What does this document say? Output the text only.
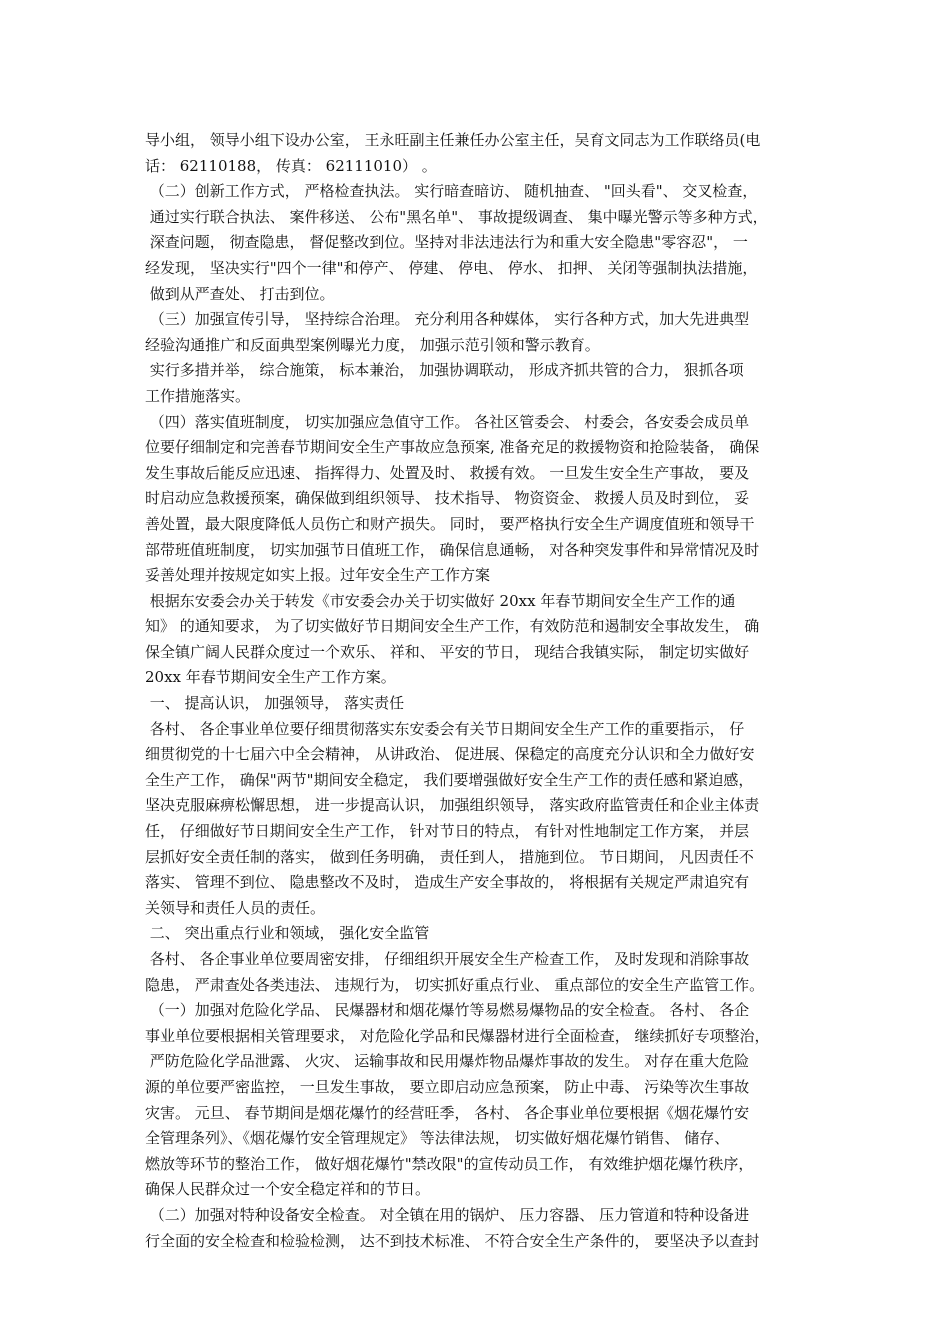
导小组， 领导小组下设办公室， 王永旺副主任兼任办公室主任，吴育文同志为工作联络员(电
话： 62110188， 传真： 62111010） 。
（二）创新工作方式， 严格检查执法。 实行暗查暗访、 随机抽查、 "回头看"、 交叉检查，
通过实行联合执法、 案件移送、 公布"黑名单"、 事故提级调查、 集中曝光警示等多种方式，
深查问题， 彻查隐患， 督促整改到位。坚持对非法违法行为和重大安全隐患"零容忍"， 一
经发现， 坚决实行"四个一律"和停产、 停建、 停电、 停水、 扣押、 关闭等强制执法措施，
做到从严查处、 打击到位。
（三）加强宣传引导， 坚持综合治理。 充分利用各种媒体， 实行各种方式，加大先进典型
经验沟通推广和反面典型案例曝光力度， 加强示范引领和警示教育。
实行多措并举， 综合施策， 标本兼治， 加强协调联动， 形成齐抓共管的合力， 狠抓各项
工作措施落实。
（四）落实值班制度， 切实加强应急值守工作。 各社区管委会、 村委会，各安委会成员单
位要仔细制定和完善春节期间安全生产事故应急预案, 准备充足的救援物资和抢险装备， 确保
发生事故后能反应迅速、 指挥得力、处置及时、 救援有效。 一旦发生安全生产事故， 要及
时启动应急救援预案，确保做到组织领导、 技术指导、 物资资金、 救援人员及时到位， 妥
善处置，最大限度降低人员伤亡和财产损失。 同时， 要严格执行安全生产调度值班和领导干
部带班值班制度， 切实加强节日值班工作， 确保信息通畅， 对各种突发事件和异常情况及时
妥善处理并按规定如实上报。过年安全生产工作方案
根据东安委会办关于转发《市安委会办关于切实做好 20xx 年春节期间安全生产工作的通
知》 的通知要求， 为了切实做好节日期间安全生产工作，有效防范和遏制安全事故发生， 确
保全镇广阔人民群众度过一个欢乐、 祥和、 平安的节日， 现结合我镇实际， 制定切实做好
20xx 年春节期间安全生产工作方案。
一、 提高认识， 加强领导， 落实责任
各村、 各企事业单位要仔细贯彻落实东安委会有关节日期间安全生产工作的重要指示， 仔
细贯彻党的十七届六中全会精神， 从讲政治、 促进展、保稳定的高度充分认识和全力做好安
全生产工作， 确保"两节"期间安全稳定， 我们要增强做好安全生产工作的责任感和紧迫感，
坚决克服麻痹松懈思想， 进一步提高认识， 加强组织领导， 落实政府监管责任和企业主体责
任， 仔细做好节日期间安全生产工作， 针对节日的特点， 有针对性地制定工作方案， 并层
层抓好安全责任制的落实， 做到任务明确， 责任到人， 措施到位。 节日期间， 凡因责任不
落实、 管理不到位、 隐患整改不及时， 造成生产安全事故的， 将根据有关规定严肃追究有
关领导和责任人员的责任。
二、 突出重点行业和领域， 强化安全监管
各村、 各企事业单位要周密安排， 仔细组织开展安全生产检查工作， 及时发现和消除事故
隐患， 严肃查处各类违法、 违规行为， 切实抓好重点行业、 重点部位的安全生产监管工作。
（一）加强对危险化学品、 民爆器材和烟花爆竹等易燃易爆物品的安全检查。 各村、 各企
事业单位要根据相关管理要求， 对危险化学品和民爆器材进行全面检查， 继续抓好专项整治，
严防危险化学品泄露、 火灾、 运输事故和民用爆炸物品爆炸事故的发生。 对存在重大危险
源的单位要严密监控， 一旦发生事故， 要立即启动应急预案， 防止中毒、 污染等次生事故
灾害。 元旦、 春节期间是烟花爆竹的经营旺季， 各村、 各企事业单位要根据《烟花爆竹安
全管理条列》、《烟花爆竹安全管理规定》 等法律法规， 切实做好烟花爆竹销售、 储存、
燃放等环节的整治工作， 做好烟花爆竹"禁改限"的宣传动员工作， 有效维护烟花爆竹秩序，
确保人民群众过一个安全稳定祥和的节日。
（二）加强对特种设备安全检查。 对全镇在用的锅炉、 压力容器、 压力管道和特种设备进
行全面的安全检查和检验检测， 达不到技术标准、 不符合安全生产条件的， 要坚决予以查封
